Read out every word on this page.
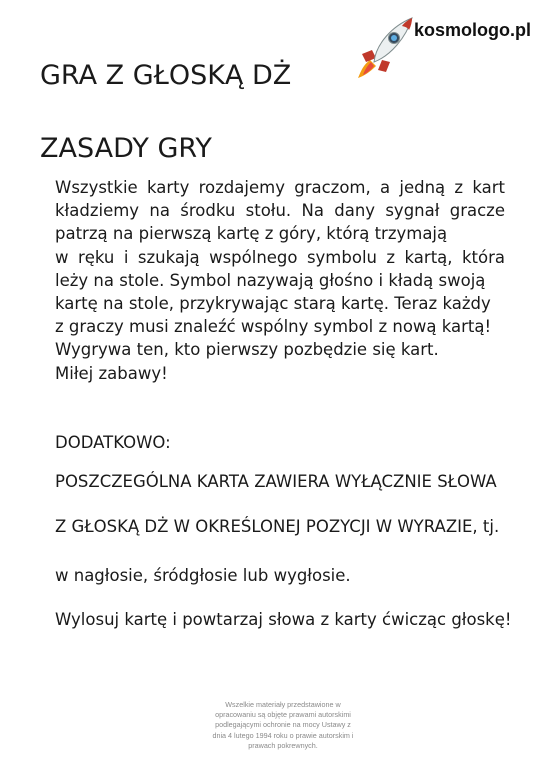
kosmologo.pl
GRA Z GŁOSKĄ DŻ
ZASADY GRY
Wszystkie karty rozdajemy graczom, a jedną z kart
kładziemy na środku stołu. Na dany sygnał gracze
patrzą na pierwszą kartę z góry, którą trzymają
w ręku i szukają wspólnego symbolu z kartą, która
leży na stole. Symbol nazywają głośno i kładą swoją
kartę na stole, przykrywając starą kartę. Teraz każdy
z graczy musi znaleźć wspólny symbol z nową kartą!
Wygrywa ten, kto pierwszy pozbędzie się kart.
Miłej zabawy!

DODATKOWO:

POSZCZEGÓLNA KARTA ZAWIERA WYŁĄCZNIE SŁOWA

Z GŁOSKĄ DŻ W OKREŚLONEJ POZYCJI W WYRAZIE, tj.

w nagłosie, śródgłosie lub wygłosie.

Wylosuj kartę i powtarzaj słowa z karty ćwicząc głoskę!

Wszelkie materiały przedstawione w
opracowaniu są objęte prawami autorskimi
podlegającymi ochronie na mocy Ustawy z
dnia 4 lutego 1994 roku o prawie autorskim i
prawach pokrewnych.
